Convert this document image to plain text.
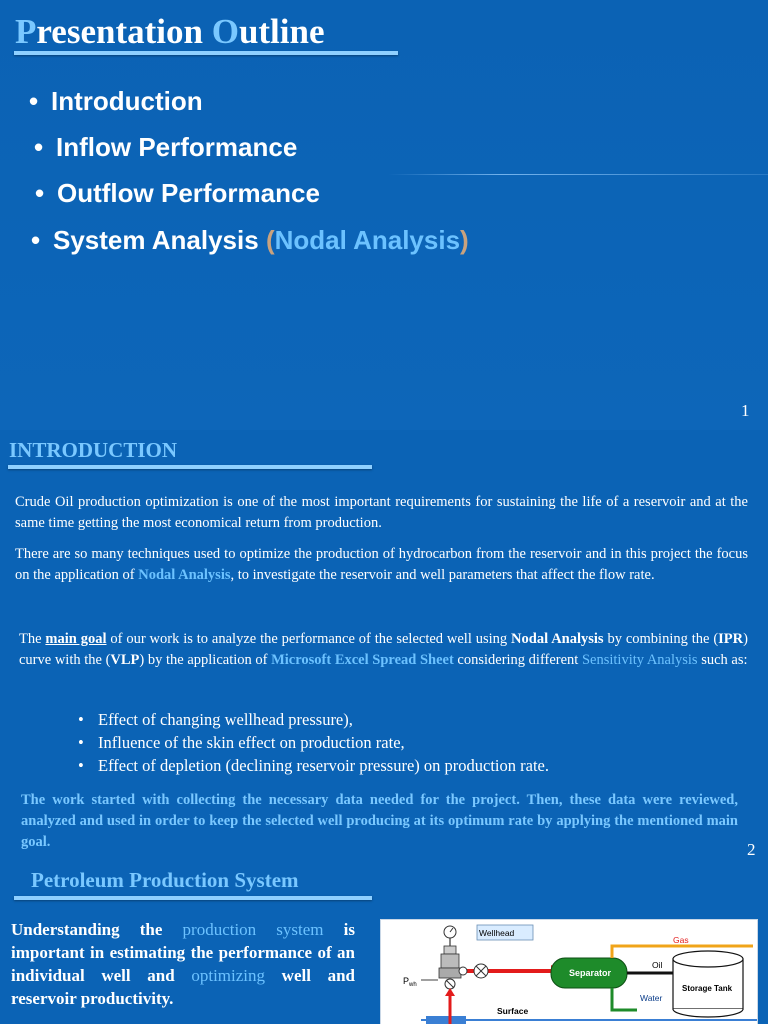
Presentation Outline
• Introduction
• Inflow Performance
• Outflow Performance
• System Analysis (Nodal Analysis)
1
INTRODUCTION

Crude Oil production optimization is one of the most important requirements for sustaining the life of a reservoir and at the same time getting the most economical return from production.

There are so many techniques used to optimize the production of hydrocarbon from the reservoir and in this project the focus on the application of Nodal Analysis, to investigate the reservoir and well parameters that affect the flow rate.

The main goal of our work is to analyze the performance of the selected well using Nodal Analysis by combining the (IPR) curve with the (VLP) by the application of Microsoft Excel Spread Sheet considering different Sensitivity Analysis such as:

• Effect of changing wellhead pressure),
• Influence of the skin effect on production rate,
• Effect of depletion (declining reservoir pressure) on production rate.

The work started with collecting the necessary data needed for the project. Then, these data were reviewed, analyzed and used in order to keep the selected well producing at its optimum rate by applying the mentioned main goal.	2
Petroleum Production System

Understanding the production system is important in estimating the performance of an individual well and optimizing well and reservoir productivity.

Wellhead
Separator
Gas
Oil
Water
Storage Tank
$P_{wh}$
Surface
